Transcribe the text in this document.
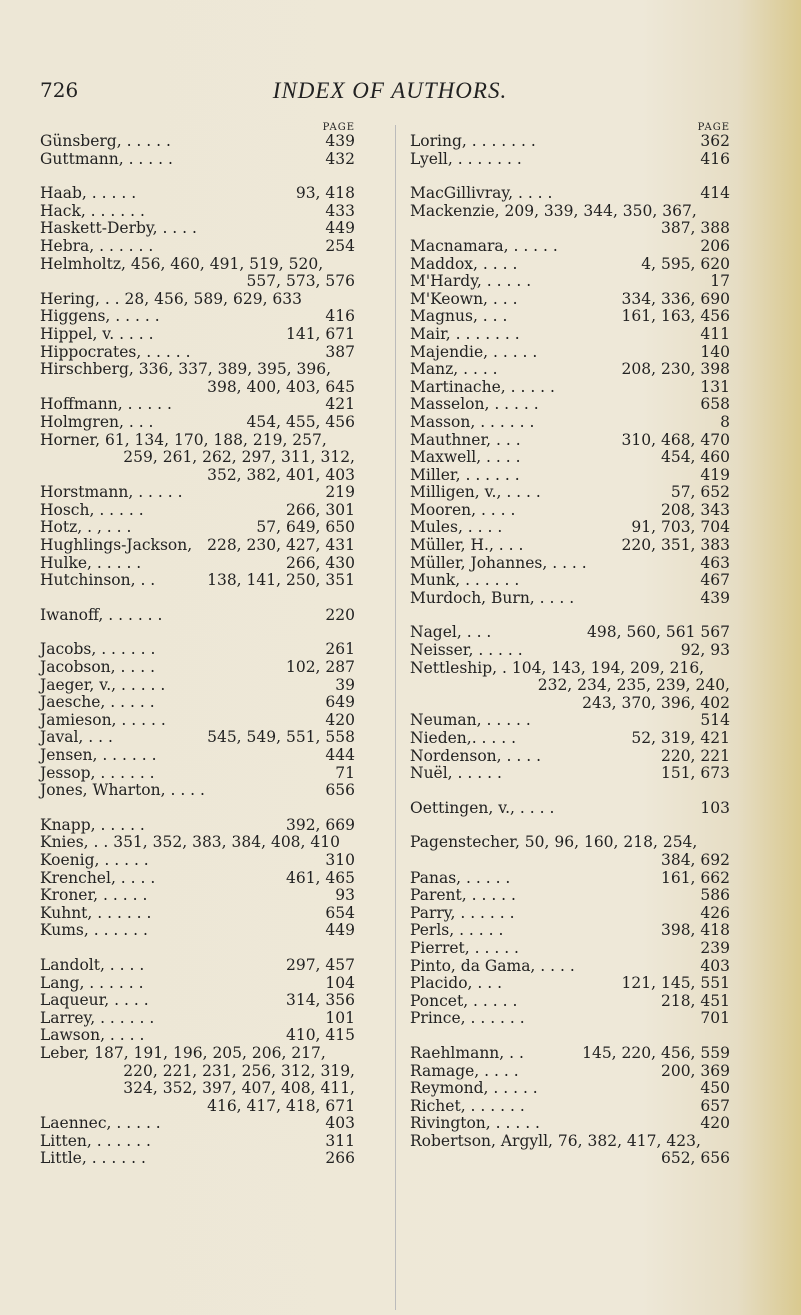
726	INDEX OF AUTHORS.
PAGE
Günsberg, . . . . .	439
Guttmann, . . . . .	432
Haab, . . . . .	93, 418
Hack, . . . . . .	433
Haskett-Derby, . . . .	449
Hebra, . . . . . .	254
Helmholtz, 456, 460, 491, 519, 520,
557, 573, 576
Hering, . . 28, 456, 589, 629, 633
Higgens, . . . . .	416
Hippel, v. . . . .	141, 671
Hippocrates, . . . . .	387
Hirschberg, 336, 337, 389, 395, 396,
398, 400, 403, 645
Hoffmann, . . . . .	421
Holmgren, . . .	454, 455, 456
Horner, 61, 134, 170, 188, 219, 257,
259, 261, 262, 297, 311, 312,
352, 382, 401, 403
Horstmann, . . . . .	219
Hosch, . . . . .	266, 301
Hotz, . , . . .	57, 649, 650
Hughlings-Jackson, 228, 230, 427, 431
Hulke, . . . . .	266, 430
Hutchinson, . .	138, 141, 250, 351
Iwanoff, . . . . . .	220
Jacobs, . . . . . .	261
Jacobson, . . . .	102, 287
Jaeger, v., . . . . .	39
Jaesche, . . . . .	649
Jamieson, . . . . .	420
Javal, . . .	545, 549, 551, 558
Jensen, . . . . . .	444
Jessop, . . . . . .	71
Jones, Wharton, . . . .	656
Knapp, . . . . .	392, 669
Knies, . . 351, 352, 383, 384, 408, 410
Koenig, . . . . .	310
Krenchel, . . . .	461, 465
Kroner, . . . . .	93
Kuhnt, . . . . . .	654
Kums, . . . . . .	449
Landolt, . . . .	297, 457
Lang, . . . . . .	104
Laqueur, . . . .	314, 356
Larrey, . . . . . .	101
Lawson, . . . .	410, 415
Leber, 187, 191, 196, 205, 206, 217,
220, 221, 231, 256, 312, 319,
324, 352, 397, 407, 408, 411,
416, 417, 418, 671
Laennec, . . . . .	403
Litten, . . . . . .	311
Little, . . . . . .	266
PAGE
Loring, . . . . . . .	362
Lyell, . . . . . . .	416
MacGillivray, . . . .	414
Mackenzie, 209, 339, 344, 350, 367,
387, 388
Macnamara, . . . . .	206
Maddox, . . . .	4, 595, 620
M'Hardy, . . . . .	17
M'Keown, . . .	334, 336, 690
Magnus, . . .	161, 163, 456
Mair, . . . . . . .	411
Majendie, . . . . .	140
Manz, . . . .	208, 230, 398
Martinache, . . . . .	131
Masselon, . . . . .	658
Masson, . . . . . .	8
Mauthner, . . .	310, 468, 470
Maxwell, . . . .	454, 460
Miller, . . . . . .	419
Milligen, v., . . . .	57, 652
Mooren, . . . .	208, 343
Mules, . . . .	91, 703, 704
Müller, H., . . .	220, 351, 383
Müller, Johannes, . . . .	463
Munk, . . . . . .	467
Murdoch, Burn, . . . .	439
Nagel, . . .	498, 560, 561 567
Neisser, . . . . .	92, 93
Nettleship, . 104, 143, 194, 209, 216,
232, 234, 235, 239, 240,
243, 370, 396, 402
Neuman, . . . . .	514
Nieden,. . . . .	52, 319, 421
Nordenson, . . . .	220, 221
Nuël, . . . . .	151, 673
Oettingen, v., . . . .	103
Pagenstecher, 50, 96, 160, 218, 254,
384, 692
Panas, . . . . .	161, 662
Parent, . . . . .	586
Parry, . . . . . .	426
Perls, . . . . .	398, 418
Pierret, . . . . .	239
Pinto, da Gama, . . . .	403
Placido, . . .	121, 145, 551
Poncet, . . . . .	218, 451
Prince, . . . . . .	701
Raehlmann, . .	145, 220, 456, 559
Ramage, . . . .	200, 369
Reymond, . . . . .	450
Richet, . . . . . .	657
Rivington, . . . . .	420
Robertson, Argyll, 76, 382, 417, 423,
652, 656
